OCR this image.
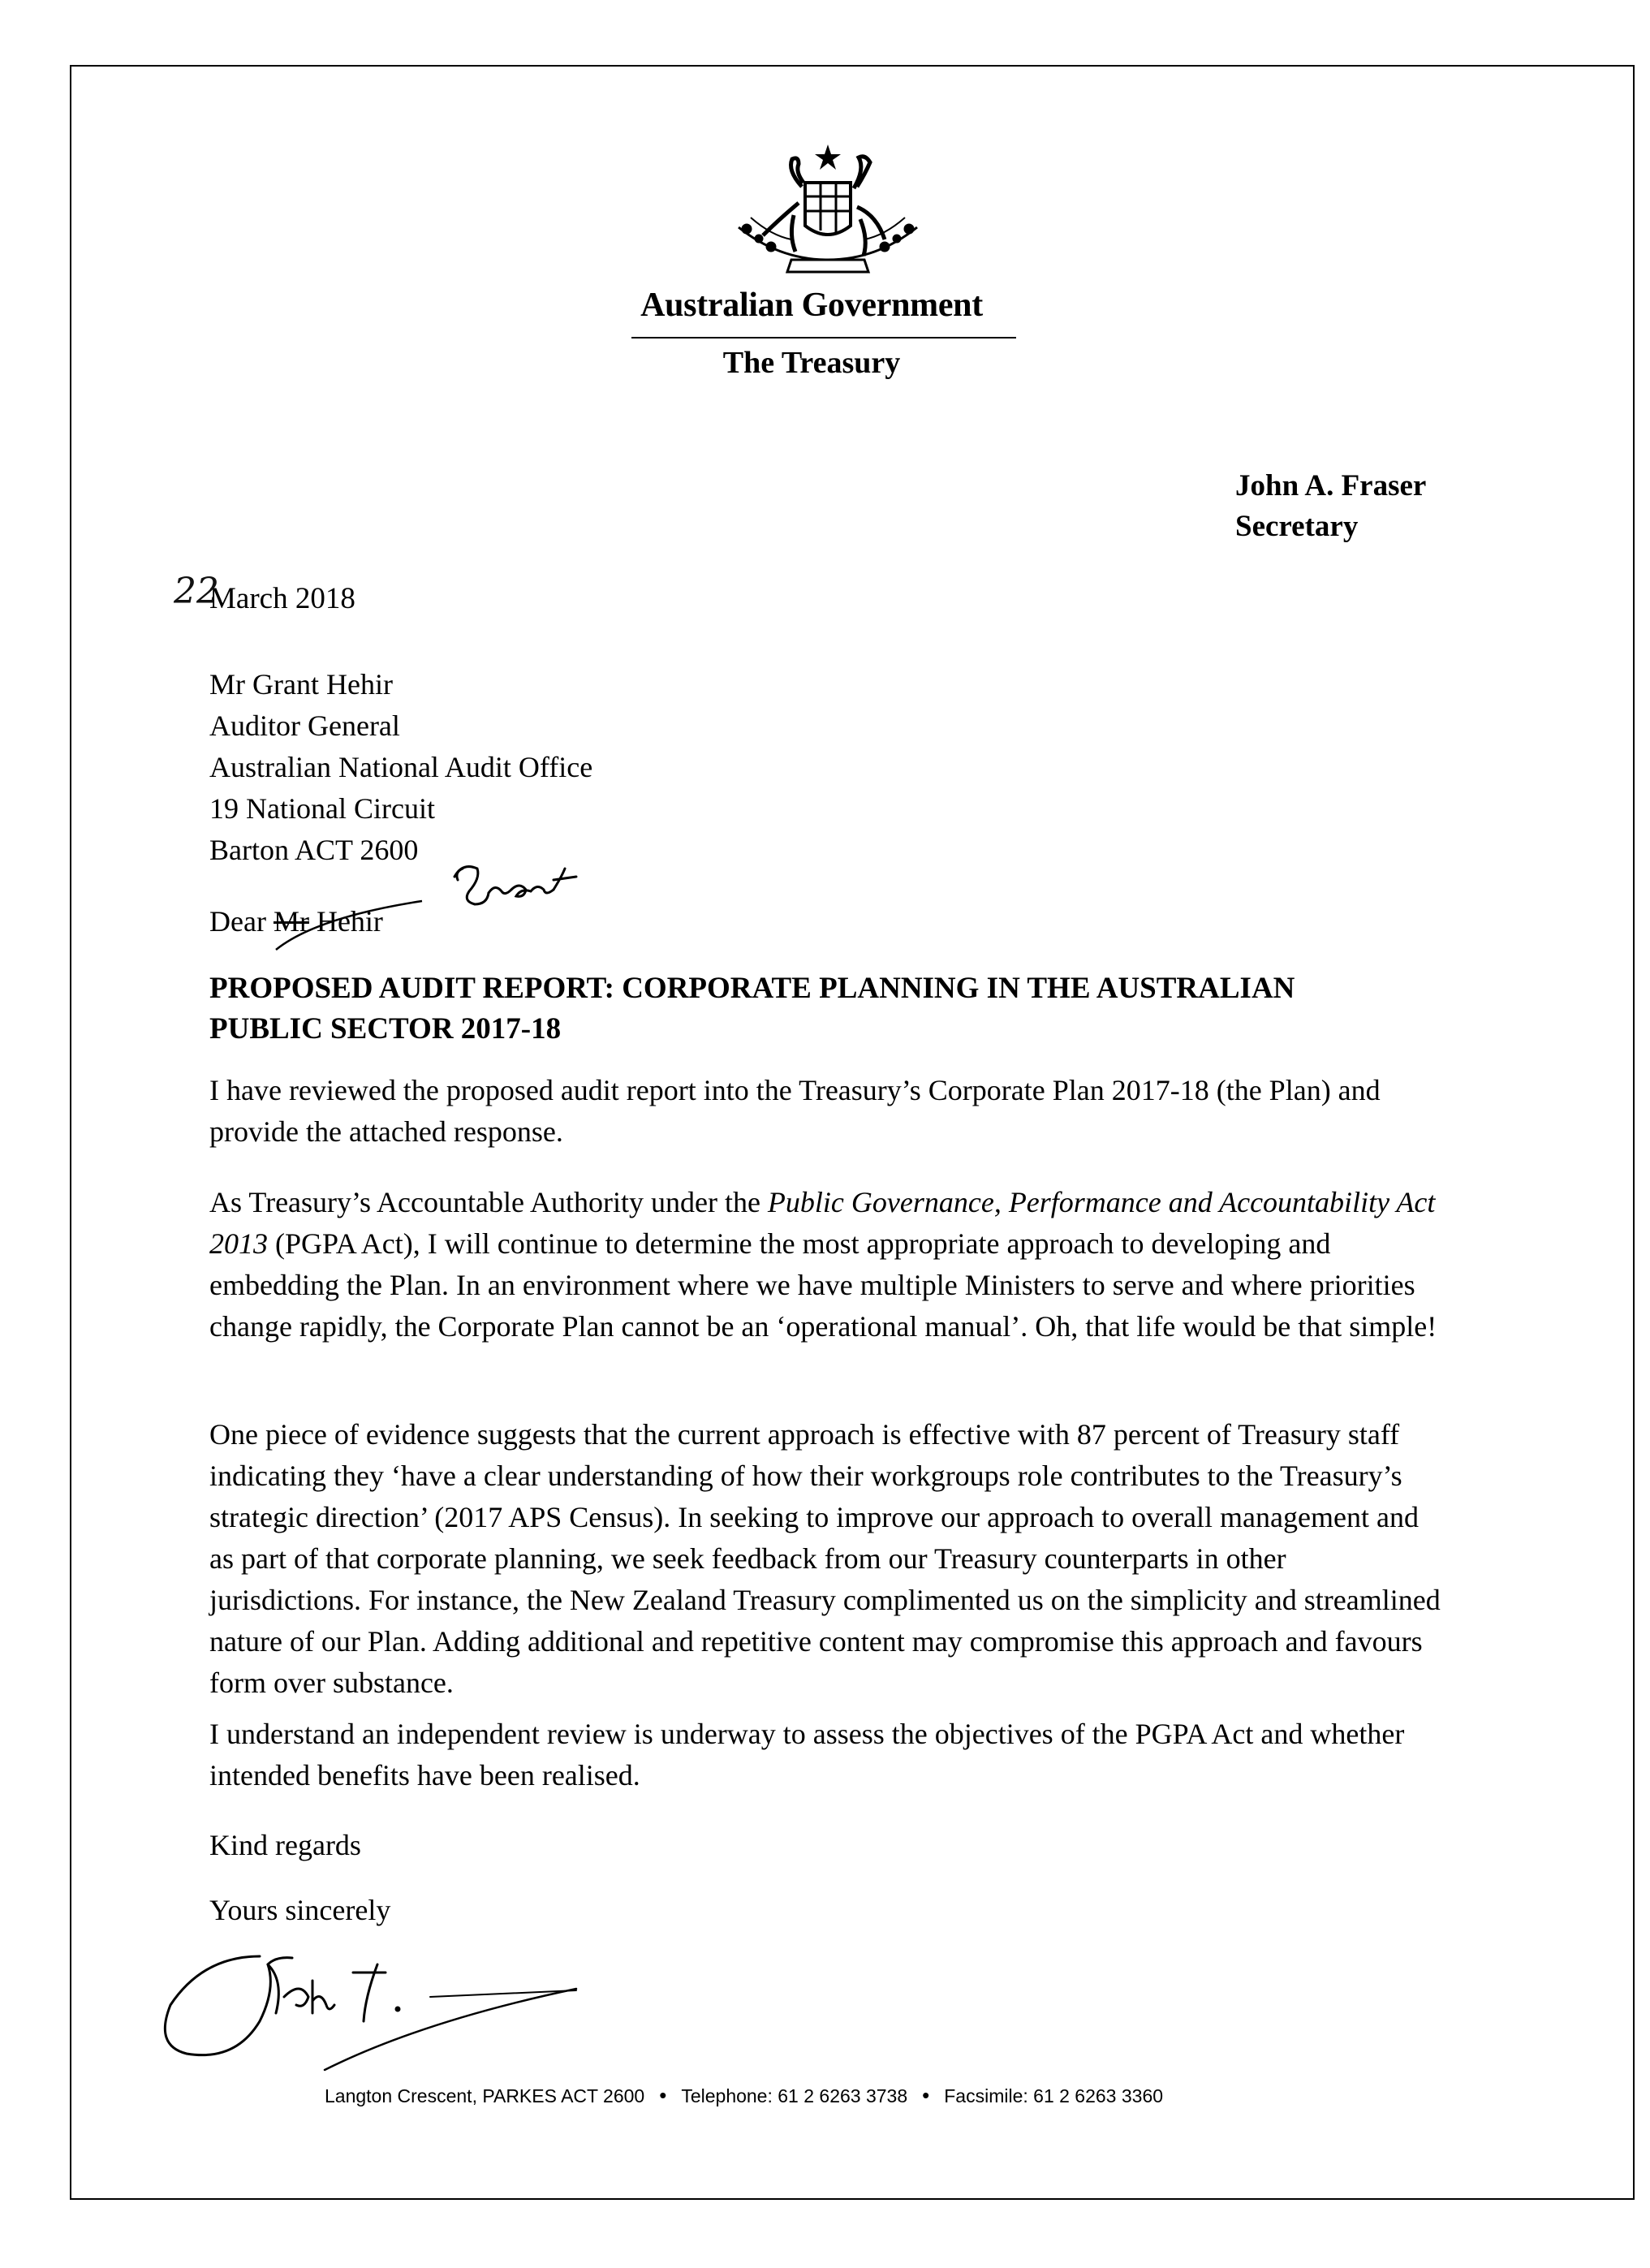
Australian Government
The Treasury
John A. Fraser
Secretary
22March 2018
Mr Grant Hehir
Auditor General
Australian National Audit Office
19 National Circuit
Barton ACT 2600
Dear Mr Hehir
PROPOSED AUDIT REPORT: CORPORATE PLANNING IN THE AUSTRALIAN
PUBLIC SECTOR 2017-18

I have reviewed the proposed audit report into the Treasury’s Corporate Plan 2017-18 (the Plan) and provide the attached response.

As Treasury’s Accountable Authority under the Public Governance, Performance and Accountability Act 2013 (PGPA Act), I will continue to determine the most appropriate approach to developing and embedding the Plan. In an environment where we have multiple Ministers to serve and where priorities change rapidly, the Corporate Plan cannot be an ‘operational manual’. Oh, that life would be that simple!

One piece of evidence suggests that the current approach is effective with 87 percent of Treasury staff indicating they ‘have a clear understanding of how their workgroups role contributes to the Treasury’s strategic direction’ (2017 APS Census). In seeking to improve our approach to overall management and as part of that corporate planning, we seek feedback from our Treasury counterparts in other jurisdictions. For instance, the New Zealand Treasury complimented us on the simplicity and streamlined nature of our Plan. Adding additional and repetitive content may compromise this approach and favours form over substance.

I understand an independent review is underway to assess the objectives of the PGPA Act and whether intended benefits have been realised.

Kind regards
Yours sincerely
Langton Crescent, PARKES ACT 2600 • Telephone: 61 2 6263 3738 • Facsimile: 61 2 6263 3360
